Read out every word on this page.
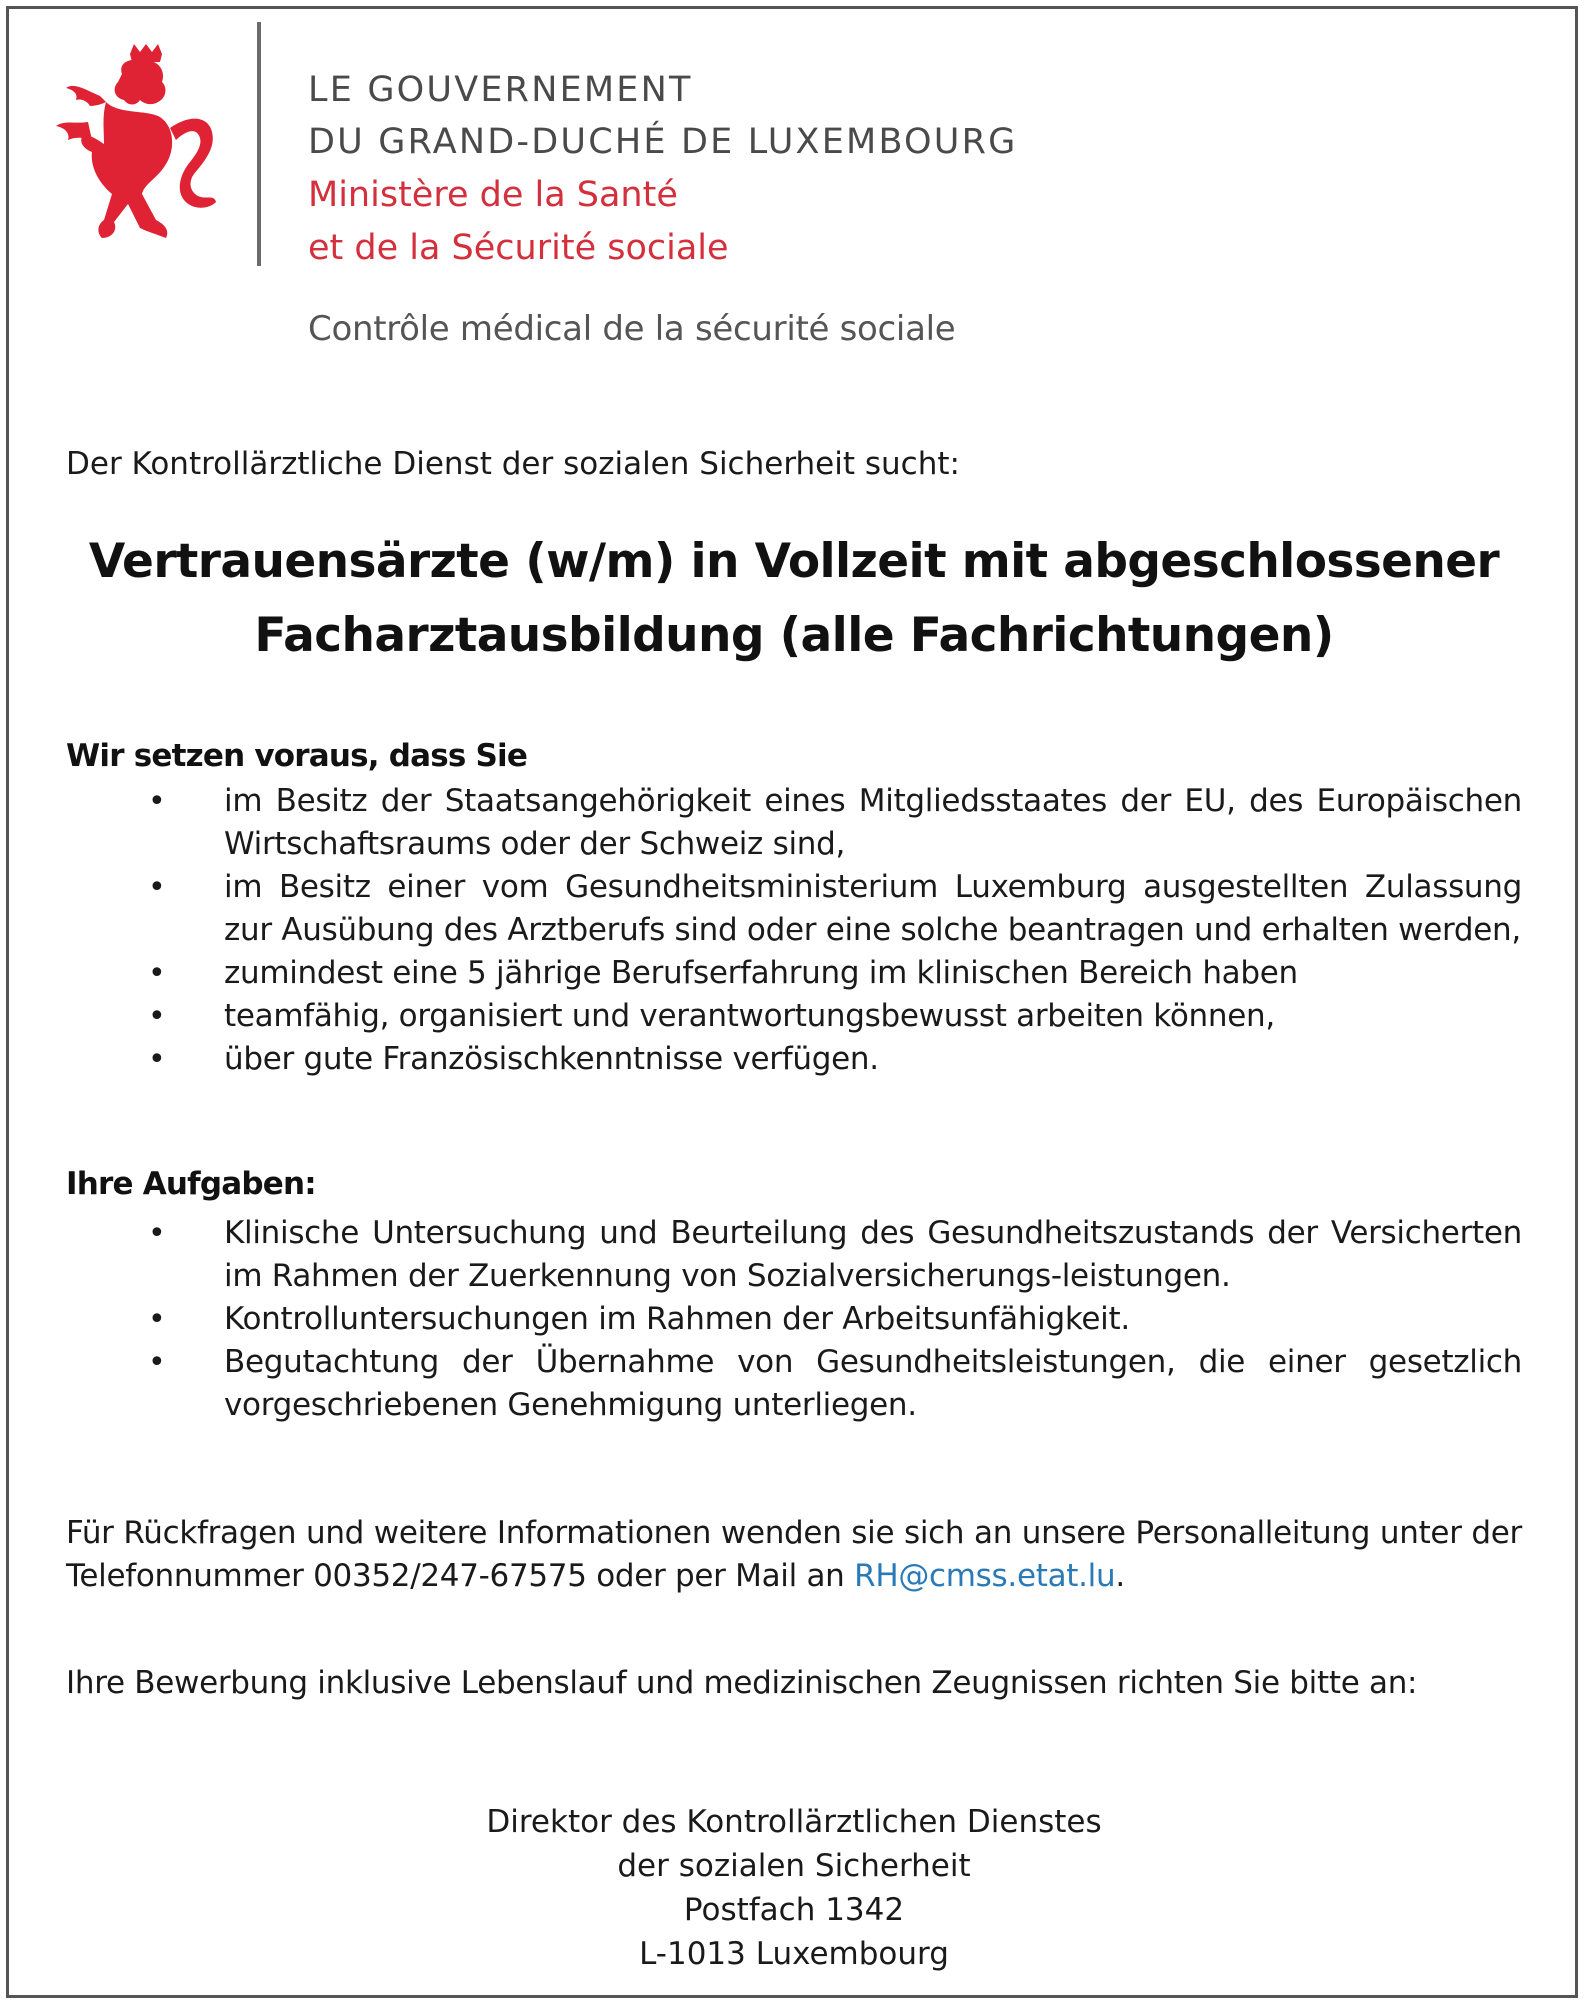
LE GOUVERNEMENT
DU GRAND-DUCHÉ DE LUXEMBOURG
Ministère de la Santé
et de la Sécurité sociale
Contrôle médical de la sécurité sociale
Der Kontrollärztliche Dienst der sozialen Sicherheit sucht:
Vertrauensärzte (w/m) in Vollzeit mit abgeschlossener
Facharztausbildung (alle Fachrichtungen)
Wir setzen voraus, dass Sie
• im Besitz der Staatsangehörigkeit eines Mitgliedsstaates der EU, des Europäischen Wirtschaftsraums oder der Schweiz sind,
• im Besitz einer vom Gesundheitsministerium Luxemburg ausgestellten Zulassung zur Ausübung des Arztberufs sind oder eine solche beantragen und erhalten werden,
• zumindest eine 5 jährige Berufserfahrung im klinischen Bereich haben
• teamfähig, organisiert und verantwortungsbewusst arbeiten können,
• über gute Französischkenntnisse verfügen.
Ihre Aufgaben:
• Klinische Untersuchung und Beurteilung des Gesundheitszustands der Versicherten im Rahmen der Zuerkennung von Sozialversicherungs-leistungen.
• Kontrolluntersuchungen im Rahmen der Arbeitsunfähigkeit.
• Begutachtung der Übernahme von Gesundheitsleistungen, die einer gesetzlich vorgeschriebenen Genehmigung unterliegen.
Für Rückfragen und weitere Informationen wenden sie sich an unsere Personalleitung unter der Telefonnummer 00352/247-67575 oder per Mail an RH@cmss.etat.lu.
Ihre Bewerbung inklusive Lebenslauf und medizinischen Zeugnissen richten Sie bitte an:
Direktor des Kontrollärztlichen Dienstes
der sozialen Sicherheit
Postfach 1342
L-1013 Luxembourg
